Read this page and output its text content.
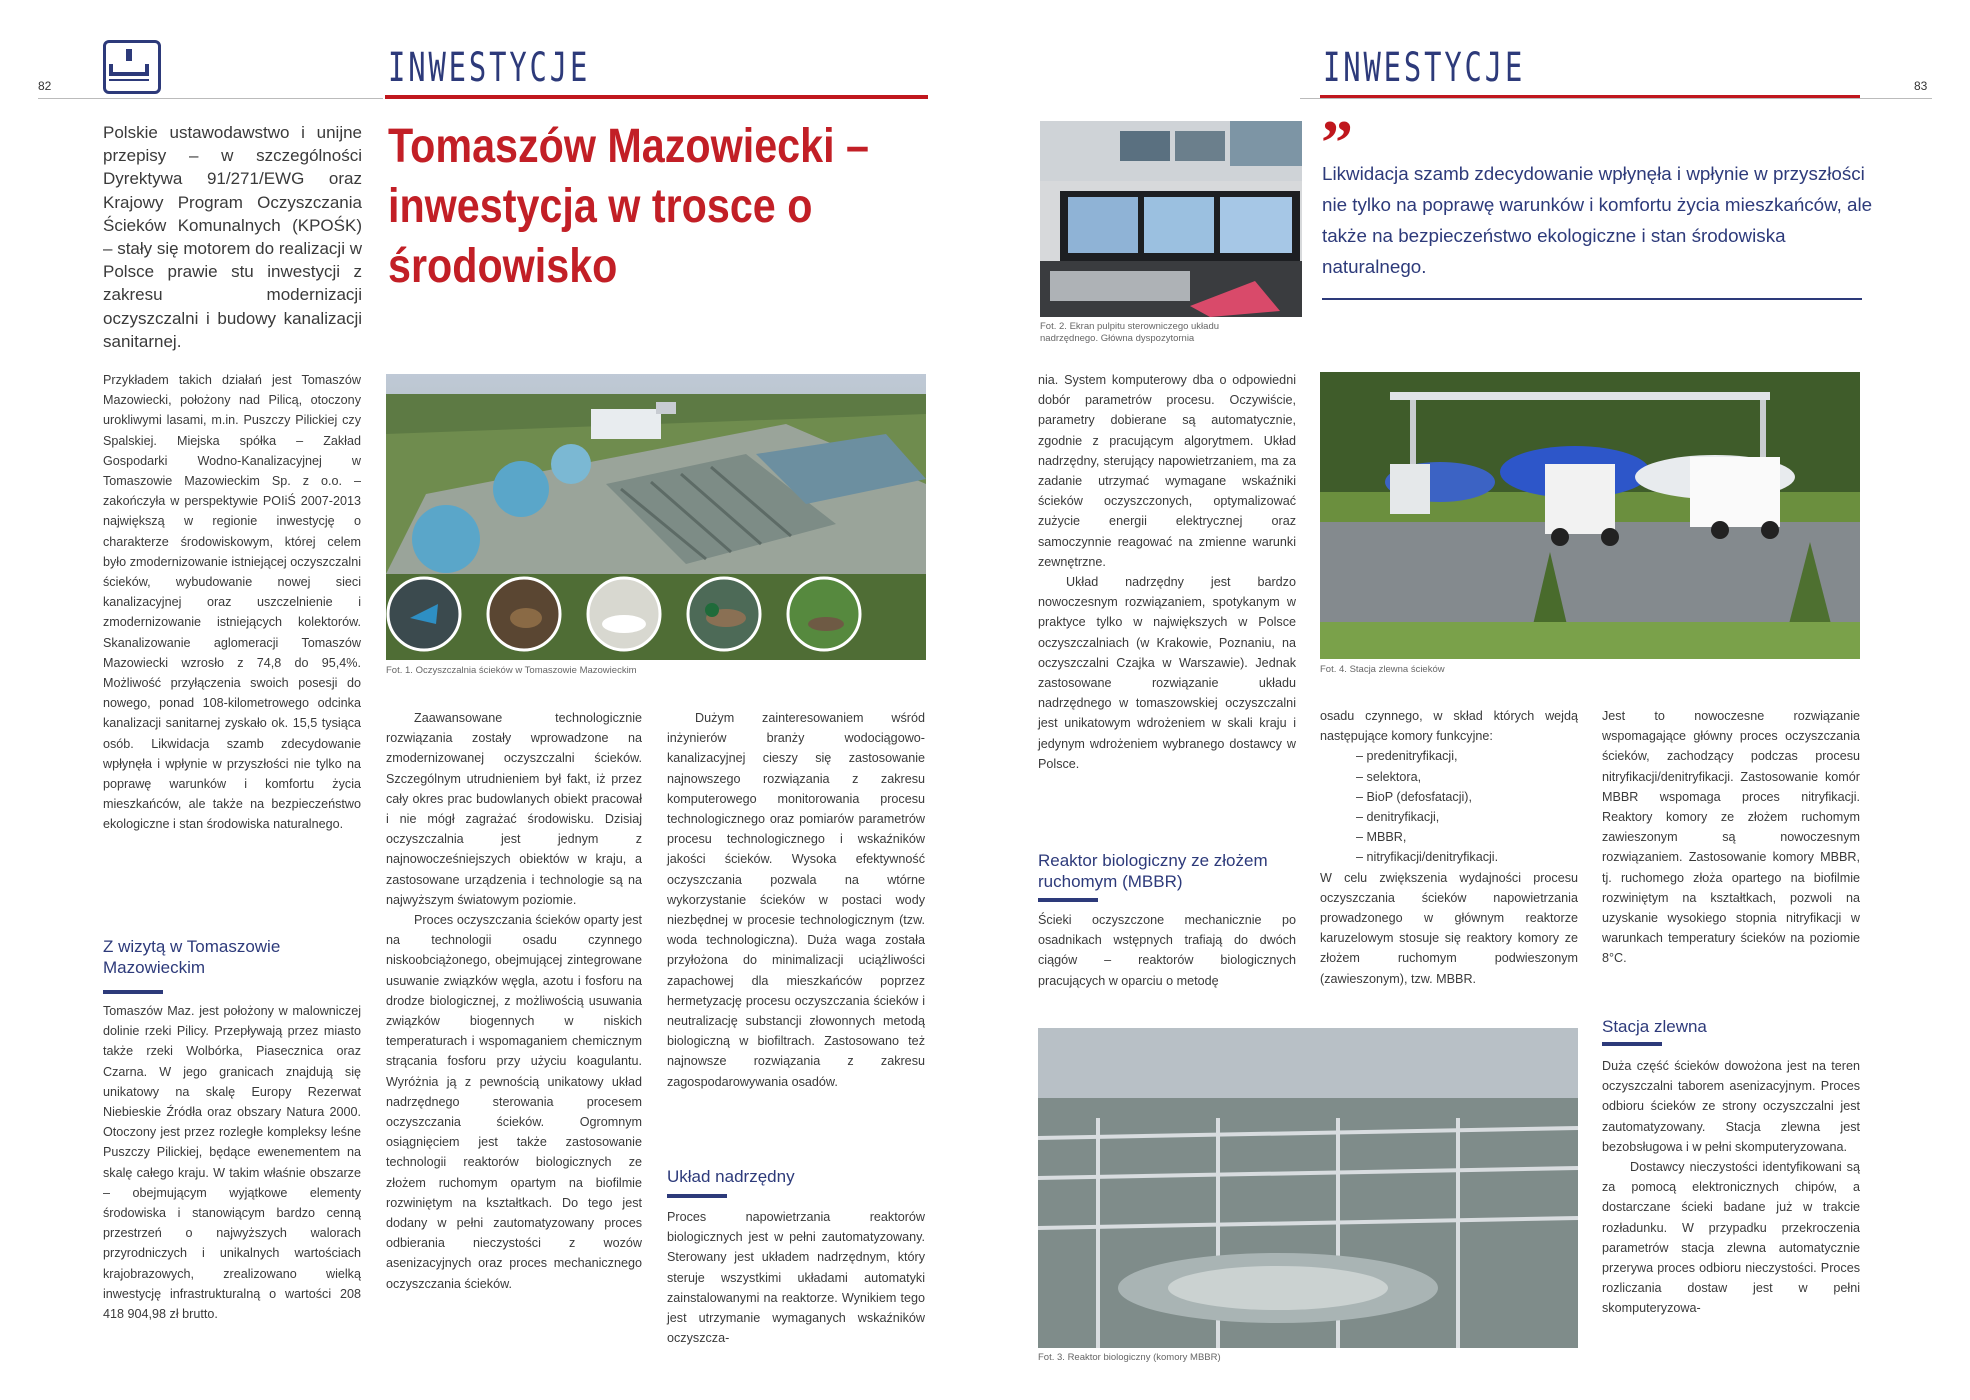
82	INWESTYCJE
Polskie ustawodawstwo i unijne przepisy – w szczególności Dyrektywa 91/271/EWG oraz Krajowy Program Oczyszczania Ścieków Komunalnych (KPOŚK) – stały się motorem do realizacji w Polsce prawie stu inwestycji z zakresu modernizacji oczyszczalni i budowy kanalizacji sanitarnej.
Tomaszów Mazowiecki – inwestycja w trosce o środowisko

Przykładem takich działań jest Tomaszów Mazowiecki, położony nad Pilicą, otoczony urokliwymi lasami, m.in. Puszczy Pilickiej czy Spalskiej. Miejska spółka – Zakład Gospodarki Wodno-Kanalizacyjnej w Tomaszowie Mazowieckim Sp. z o.o. – zakończyła w perspektywie POIiŚ 2007-2013 największą w regionie inwestycję o charakterze środowiskowym, której celem było zmodernizowanie istniejącej oczyszczalni ścieków, wybudowanie nowej sieci kanalizacyjnej oraz uszczelnienie i zmodernizowanie istniejących kolektorów. Skanalizowanie aglomeracji Tomaszów Mazowiecki wzrosło z 74,8 do 95,4%. Możliwość przyłączenia swoich posesji do nowego, ponad 108-kilometrowego odcinka kanalizacji sanitarnej zyskało ok. 15,5 tysiąca osób. Likwidacja szamb zdecydowanie wpłynęła i wpłynie w przyszłości nie tylko na poprawę warunków i komfortu życia mieszkańców, ale także na bezpieczeństwo ekologiczne i stan środowiska naturalnego.

Z wizytą w Tomaszowie Mazowieckim

Tomaszów Maz. jest położony w malowniczej dolinie rzeki Pilicy. Przepływają przez miasto także rzeki Wolbórka, Piasecznica oraz Czarna. W jego granicach znajdują się unikatowy na skalę Europy Rezerwat Niebieskie Źródła oraz obszary Natura 2000. Otoczony jest przez rozległe kompleksy leśne Puszczy Pilickiej, będące ewenementem na skalę całego kraju. W takim właśnie obszarze – obejmującym wyjątkowe elementy środowiska i stanowiącym bardzo cenną przestrzeń o najwyższych walorach przyrodniczych i unikalnych wartościach krajobrazowych, zrealizowano wielką inwestycję infrastrukturalną o wartości 208 418 904,98 zł brutto.

Fot. 1. Oczyszczalnia ścieków w Tomaszowie Mazowieckim

Zaawansowane technologicznie rozwiązania zostały wprowadzone na zmodernizowanej oczyszczalni ścieków. Szczególnym utrudnieniem był fakt, iż przez cały okres prac budowlanych obiekt pracował i nie mógł zagrażać środowisku. Dzisiaj oczyszczalnia jest jednym z najnowocześniejszych obiektów w kraju, a zastosowane urządzenia i technologie są na najwyższym światowym poziomie.

Proces oczyszczania ścieków oparty jest na technologii osadu czynnego niskoobciążonego, obejmującej zintegrowane usuwanie związków węgla, azotu i fosforu na drodze biologicznej, z możliwością usuwania związków biogennych w niskich temperaturach i wspomaganiem chemicznym strącania fosforu przy użyciu koagulantu. Wyróżnia ją z pewnością unikatowy układ nadrzędnego sterowania procesem oczyszczania ścieków. Ogromnym osiągnięciem jest także zastosowanie technologii reaktorów biologicznych ze złożem ruchomym opartym na biofilmie rozwiniętym na kształtkach. Do tego jest dodany w pełni zautomatyzowany proces odbierania nieczystości z wozów asenizacyjnych oraz proces mechanicznego oczyszczania ścieków.

Dużym zainteresowaniem wśród inżynierów branży wodociągowo-kanalizacyjnej cieszy się zastosowanie najnowszego rozwiązania z zakresu komputerowego monitorowania procesu technologicznego oraz pomiarów parametrów procesu technologicznego i wskaźników jakości ścieków. Wysoka efektywność oczyszczania pozwala na wtórne wykorzystanie ścieków w postaci wody niezbędnej w procesie technologicznym (tzw. woda technologiczna). Duża waga została przyłożona do minimalizacji uciążliwości zapachowej dla mieszkańców poprzez hermetyzację procesu oczyszczania ścieków i neutralizację substancji złowonnych metodą biologiczną w biofiltrach. Zastosowano też najnowsze rozwiązania z zakresu zagospodarowywania osadów.

Układ nadrzędny

Proces napowietrzania reaktorów biologicznych jest w pełni zautomatyzowany. Sterowany jest układem nadrzędnym, który steruje wszystkimi układami automatyki zainstalowanymi na reaktorze. Wynikiem tego jest utrzymanie wymaganych wskaźników oczyszcza-

INWESTYCJE	83
Fot. 2. Ekran pulpitu sterowniczego układu nadrzędnego. Główna dyspozytornia
”
Likwidacja szamb zdecydowanie wpłynęła i wpłynie w przyszłości nie tylko na poprawę warunków i komfortu życia mieszkańców, ale także na bezpieczeństwo ekologiczne i stan środowiska naturalnego.

nia. System komputerowy dba o odpowiedni dobór parametrów procesu. Oczywiście, parametry dobierane są automatycznie, zgodnie z pracującym algorytmem. Układ nadrzędny, sterujący napowietrzaniem, ma za zadanie utrzymać wymagane wskaźniki ścieków oczyszczonych, optymalizować zużycie energii elektrycznej oraz samoczynnie reagować na zmienne warunki zewnętrzne.

Układ nadrzędny jest bardzo nowoczesnym rozwiązaniem, spotykanym w praktyce tylko w największych w Polsce oczyszczalniach (w Krakowie, Poznaniu, na oczyszczalni Czajka w Warszawie). Jednak zastosowane rozwiązanie układu nadrzędnego w tomaszowskiej oczyszczalni jest unikatowym wdrożeniem w skali kraju i jedynym wdrożeniem wybranego dostawcy w Polsce.

Reaktor biologiczny ze złożem ruchomym (MBBR)

Ścieki oczyszczone mechanicznie po osadnikach wstępnych trafiają do dwóch ciągów – reaktorów biologicznych pracujących w oparciu o metodę

Fot. 4. Stacja zlewna ścieków

osadu czynnego, w skład których wejdą następujące komory funkcyjne:

– predenitryfikacji,
– selektora,
– BioP (defosfatacji),
– denitryfikacji,
– MBBR,
– nitryfikacji/denitryfikacji.

W celu zwiększenia wydajności procesu oczyszczania ścieków napowietrzania prowadzonego w głównym reaktorze karuzelowym stosuje się reaktory komory ze złożem ruchomym podwieszonym (zawieszonym), tzw. MBBR.

Jest to nowoczesne rozwiązanie wspomagające główny proces oczyszczania ścieków, zachodzący podczas procesu nitryfikacji/denitryfikacji. Zastosowanie komór MBBR wspomaga proces nitryfikacji. Reaktory komory ze złożem ruchomym zawieszonym są nowoczesnym rozwiązaniem. Zastosowanie komory MBBR, tj. ruchomego złoża opartego na biofilmie rozwiniętym na kształtkach, pozwoli na uzyskanie wysokiego stopnia nitryfikacji w warunkach temperatury ścieków na poziomie 8°C.

Stacja zlewna

Duża część ścieków dowożona jest na teren oczyszczalni taborem asenizacyjnym. Proces odbioru ścieków ze strony oczyszczalni jest zautomatyzowany. Stacja zlewna jest bezobsługowa i w pełni skomputeryzowana.

Dostawcy nieczystości identyfikowani są za pomocą elektronicznych chipów, a dostarczane ścieki badane już w trakcie rozładunku. W przypadku przekroczenia parametrów stacja zlewna automatycznie przerywa proces odbioru nieczystości. Proces rozliczania dostaw jest w pełni skomputeryzowa-

Fot. 3. Reaktor biologiczny (komory MBBR)
